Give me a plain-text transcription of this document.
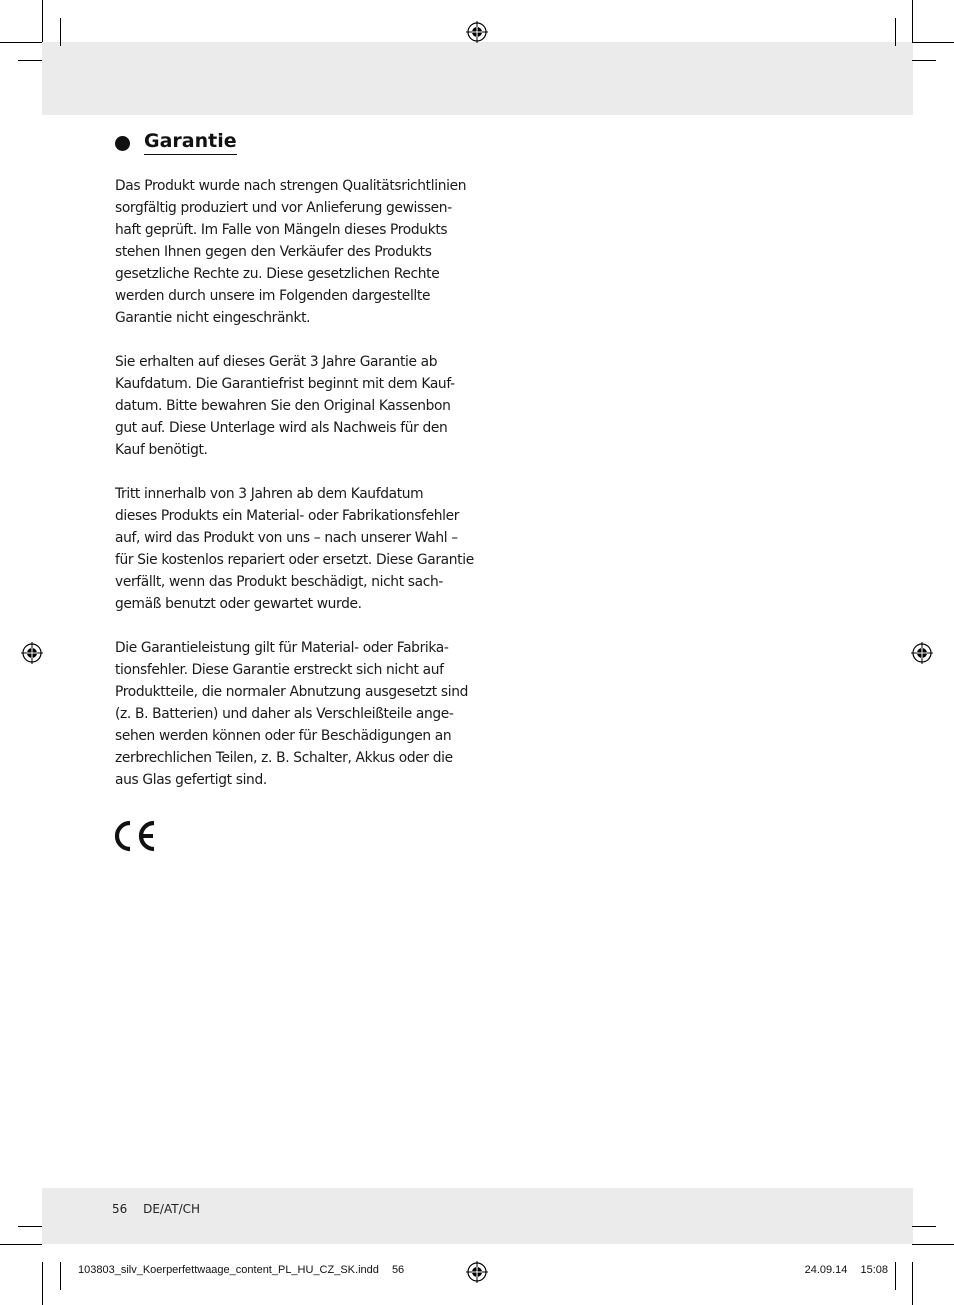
Garantie
Das Produkt wurde nach strengen Qualitätsrichtlinien
sorgfältig produziert und vor Anlieferung gewissen-
haft geprüft. Im Falle von Mängeln dieses Produkts
stehen Ihnen gegen den Verkäufer des Produkts
gesetzliche Rechte zu. Diese gesetzlichen Rechte
werden durch unsere im Folgenden dargestellte
Garantie nicht eingeschränkt.
Sie erhalten auf dieses Gerät 3 Jahre Garantie ab
Kaufdatum. Die Garantiefrist beginnt mit dem Kauf-
datum. Bitte bewahren Sie den Original Kassenbon
gut auf. Diese Unterlage wird als Nachweis für den
Kauf benötigt.
Tritt innerhalb von 3 Jahren ab dem Kaufdatum
dieses Produkts ein Material- oder Fabrikationsfehler
auf, wird das Produkt von uns – nach unserer Wahl –
für Sie kostenlos repariert oder ersetzt. Diese Garantie
verfällt, wenn das Produkt beschädigt, nicht sach-
gemäß benutzt oder gewartet wurde.
Die Garantieleistung gilt für Material- oder Fabrika-
tionsfehler. Diese Garantie erstreckt sich nicht auf
Produktteile, die normaler Abnutzung ausgesetzt sind
(z. B. Batterien) und daher als Verschleißteile ange-
sehen werden können oder für Beschädigungen an
zerbrechlichen Teilen, z. B. Schalter, Akkus oder die
aus Glas gefertigt sind.
56 DE/AT/CH
103803_silv_Koerperfettwaage_content_PL_HU_CZ_SK.indd 56	24.09.14 15:08
